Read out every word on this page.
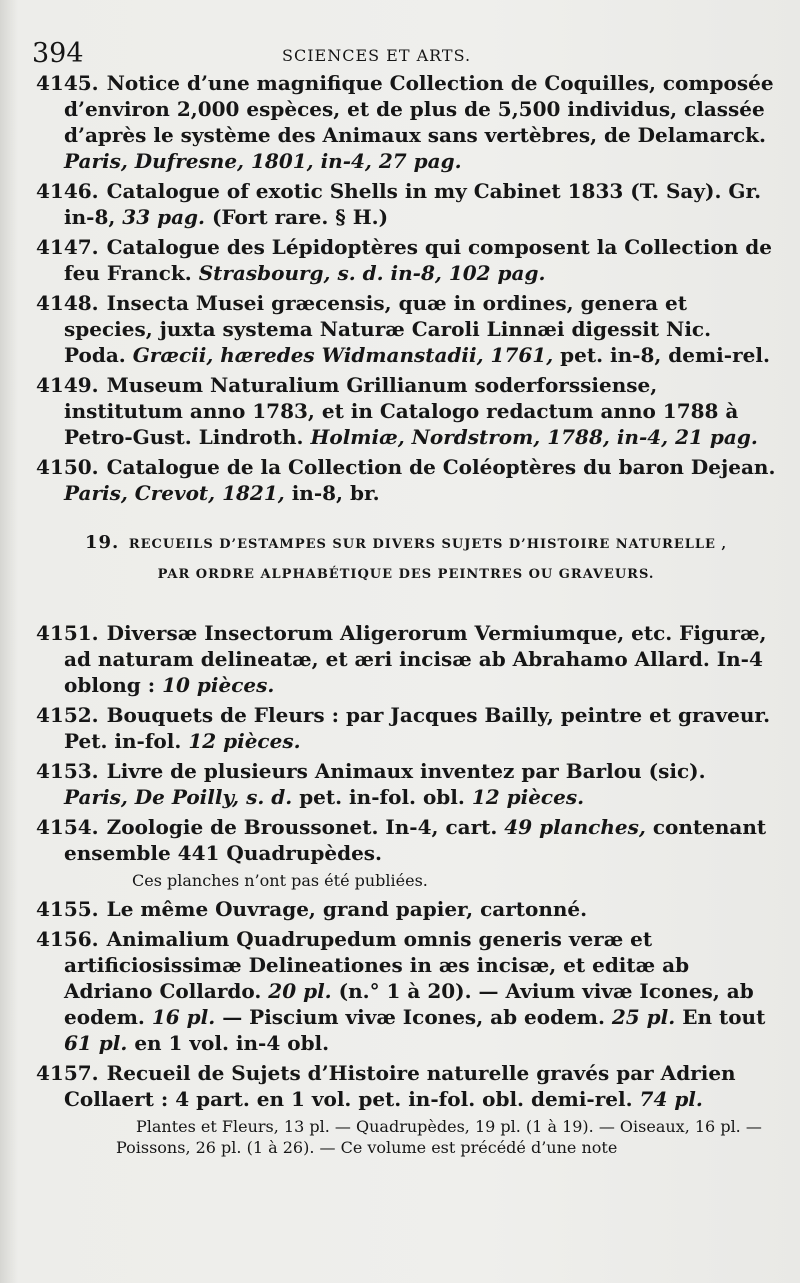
394	SCIENCES ET ARTS.
4145. Notice d’une magnifique Collection de Coquilles, composée d’environ 2,000 espèces, et de plus de 5,500 individus, classée d’après le système des Animaux sans vertèbres, de Delamarck. Paris, Dufresne, 1801, in-4, 27 pag.
4146. Catalogue of exotic Shells in my Cabinet 1833 (T. Say). Gr. in-8, 33 pag. (Fort rare. § H.)
4147. Catalogue des Lépidoptères qui composent la Collection de feu Franck. Strasbourg, s. d. in-8, 102 pag.
4148. Insecta Musei græcensis, quæ in ordines, genera et species, juxta systema Naturæ Caroli Linnæi digessit Nic. Poda. Græcii, hæredes Widmanstadii, 1761, pet. in-8, demi-rel.
4149. Museum Naturalium Grillianum soderforssiense, institutum anno 1783, et in Catalogo redactum anno 1788 à Petro-Gust. Lindroth. Holmiæ, Nordstrom, 1788, in-4, 21 pag.
4150. Catalogue de la Collection de Coléoptères du baron Dejean. Paris, Crevot, 1821, in-8, br.
19. RECUEILS D’ESTAMPES SUR DIVERS SUJETS D’HISTOIRE NATURELLE ,
PAR ORDRE ALPHABÉTIQUE DES PEINTRES OU GRAVEURS.
4151. Diversæ Insectorum Aligerorum Vermiumque, etc. Figuræ, ad naturam delineatæ, et æri incisæ ab Abrahamo Allard. In-4 oblong : 10 pièces.
4152. Bouquets de Fleurs : par Jacques Bailly, peintre et graveur. Pet. in-fol. 12 pièces.
4153. Livre de plusieurs Animaux inventez par Barlou (sic). Paris, De Poilly, s. d. pet. in-fol. obl. 12 pièces.
4154. Zoologie de Broussonet. In-4, cart. 49 planches, contenant ensemble 441 Quadrupèdes.
Ces planches n’ont pas été publiées.
4155. Le même Ouvrage, grand papier, cartonné.
4156. Animalium Quadrupedum omnis generis veræ et artificiosissimæ Delineationes in æs incisæ, et editæ ab Adriano Collardo. 20 pl. (n.° 1 à 20). — Avium vivæ Icones, ab eodem. 16 pl. — Piscium vivæ Icones, ab eodem. 25 pl. En tout 61 pl. en 1 vol. in-4 obl.
4157. Recueil de Sujets d’Histoire naturelle gravés par Adrien Collaert : 4 part. en 1 vol. pet. in-fol. obl. demi-rel. 74 pl.
Plantes et Fleurs, 13 pl. — Quadrupèdes, 19 pl. (1 à 19). — Oiseaux, 16 pl. — Poissons, 26 pl. (1 à 26). — Ce volume est précédé d’une note
